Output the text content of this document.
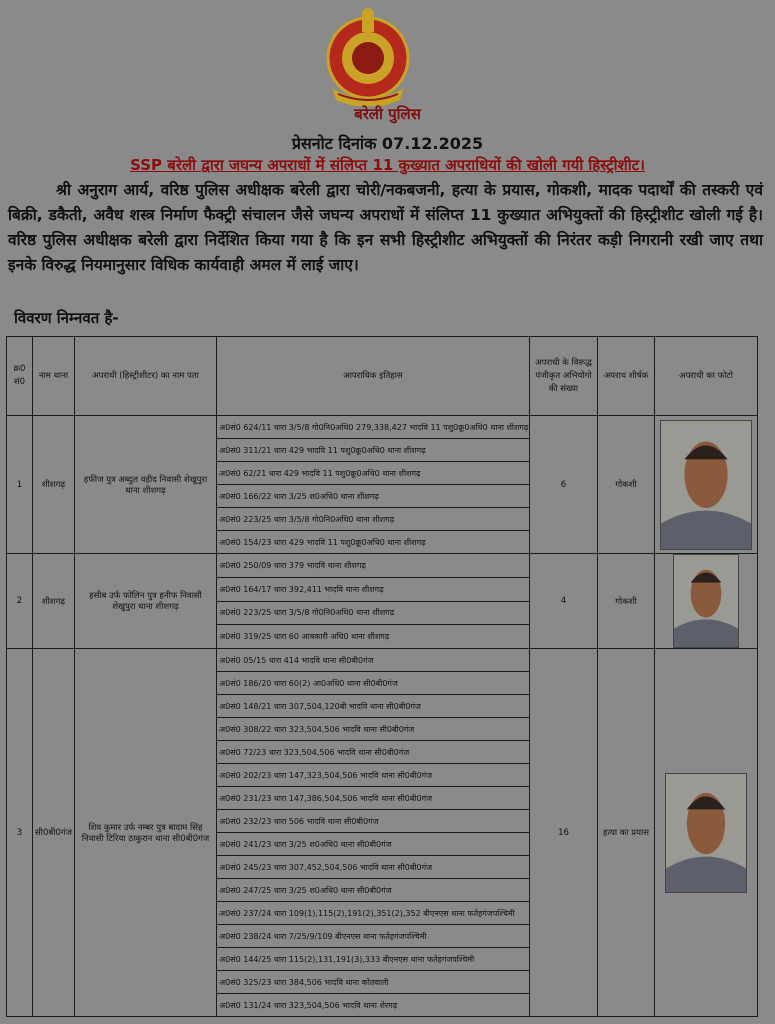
बरेली पुलिस
प्रेसनोट दिनांक 07.12.2025
SSP बरेली द्वारा जघन्य अपराधों में संलिप्त 11 कुख्यात अपराधियों की खोली गयी हिस्ट्रीशीट।

श्री अनुराग आर्य, वरिष्ठ पुलिस अधीक्षक बरेली द्वारा चोरी/नकबजनी, हत्या के प्रयास, गोकशी, मादक पदार्थों की तस्करी एवं बिक्री, डकैती, अवैध शस्त्र निर्माण फैक्ट्री संचालन जैसे जघन्य अपराधों में संलिप्त 11 कुख्यात अभियुक्तों की हिस्ट्रीशीट खोली गई है। वरिष्ठ पुलिस अधीक्षक बरेली द्वारा निर्देशित किया गया है कि इन सभी हिस्ट्रीशीट अभियुक्तों की निरंतर कड़ी निगरानी रखी जाए तथा इनके विरुद्ध नियमानुसार विधिक कार्यवाही अमल में लाई जाए।

विवरण निम्नवत है-
क्र0 सं0	नाम थाना	अपराधी (हिस्ट्रीशीटर) का नाम पता	आपराधिक इतिहास	अपराधी के विरूद्ध पंजीकृत अभियोगो की संख्या	अपराध शीर्षक	अपराधी का फोटो
1	शीशगढ़	हफीज पुत्र अब्दुल वहीद निवासी शेखुपुरा थाना शीशगढ़	अ0सं0 624/11 धारा 3/5/8 गो0नि0अधि0 279,338,427 भादवि 11 पशु0क्रू0अधि0 थाना शीशगढ़	6	गोकशी	

			अ0सं0 311/21 धारा 429 भादवि 11 पशु0क्रू0अधि0 थाना शीशगढ़			
			अ0सं0 62/21 धारा 429 भादवि 11 पशु0क्रू0अधि0 थाना शीशगढ़			
			अ0सं0 166/22 धारा 3/25 श0अधि0 थाना शीशगढ़			
			अ0सं0 223/25 धारा 3/5/8 गो0नि0अधि0 थाना शीशगढ़			
			अ0सं0 154/23 धारा 429 भादवि 11 पशु0क्रू0अधि0 थाना शीशगढ़			
2	शीशगढ़	हसीब उर्फ फोलिन पुत्र हनीफ निवासी शेखुपुरा थाना शीशगढ़	अ0सं0 250/09 धारा 379 भादवि थाना शीशगढ़	4	गोकशी	

			अ0सं0 164/17 धारा 392,411 भादवि थाना शीशगढ़			
			अ0सं0 223/25 धारा 3/5/8 गो0नि0अधि0 थाना शीशगढ़			
			अ0सं0 319/25 धारा 60 आबकारी अधि0 थाना शीशगढ़			
3	सी0बी0गंज	शिव कुमार उर्फ नम्बर पुत्र बादाम सिंह निवासी टिरिया ठाकुरान थाना सी0बी0गंज	अ0सं0 05/15 धारा 414 भादवि थाना सी0बी0गंज	16	हत्या का प्रयास	

			अ0सं0 186/20 धारा 60(2) आ0अधि0 थाना सी0बी0गंज			
			अ0सं0 148/21 धारा 307,504,120बी भादवि थाना सी0बी0गंज			
			अ0सं0 308/22 धारा 323,504,506 भादवि थाना सी0बी0गंज			
			अ0सं0 72/23 धारा 323,504,506 भादवि थाना सी0बी0गंज			
			अ0सं0 202/23 धारा 147,323,504,506 भादवि थाना सी0बी0गंज			
			अ0सं0 231/23 धारा 147,386,504,506 भादवि थाना सी0बी0गंज			
			अ0सं0 232/23 धारा 506 भादवि थाना सी0बी0गंज			
			अ0सं0 241/23 धारा 3/25 श0अधि0 थाना सी0बी0गंज			
			अ0सं0 245/23 धारा 307,452,504,506 भादवि थाना सी0बी0गंज			
			अ0सं0 247/25 धारा 3/25 श0अधि0 थाना सी0बी0गंज			
			अ0सं0 237/24 धारा 109(1),115(2),191(2),351(2),352 बीएनएस थाना फतेहगंजपश्चिमी			
			अ0सं0 238/24 धारा 7/25/9/109 बीएनएस थाना फतेहगंजपश्चिमी			
			अ0सं0 144/25 धारा 115(2),131,191(3),333 बीएनएस थाना फतेहगंजपश्चिमी			
			अ0सं0 325/23 धारा 384,506 भादवि थाना कोतवाली			
			अ0सं0 131/24 धारा 323,504,506 भादवि थाना शेरगढ़			
